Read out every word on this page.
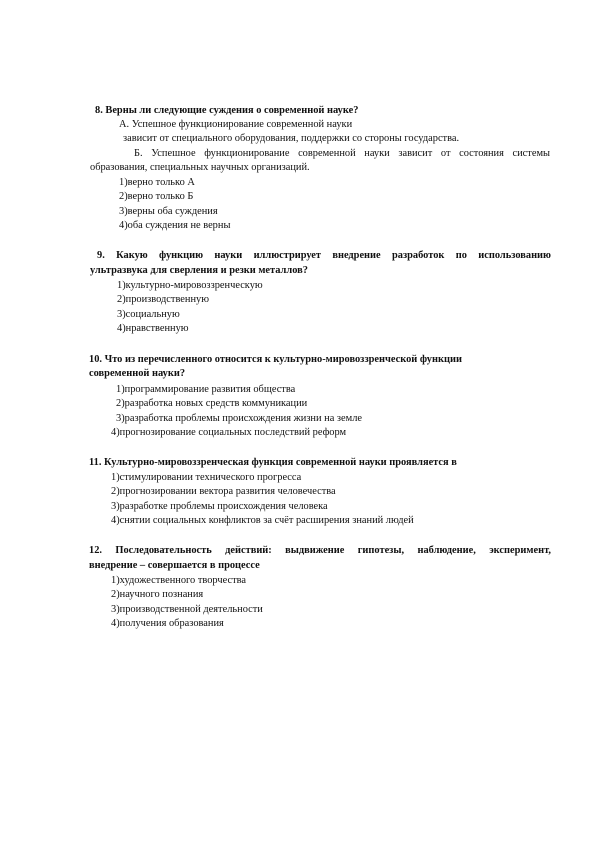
8. Верны ли следующие суждения о современной науке?
А. Успешное функционирование современной науки
зависит от специального оборудования, поддержки со стороны государства.
Б. Успешное функционирование современной науки зависит от состояния системы
образования, специальных научных организаций.
1)верно только А
2)верно только Б
3)верны оба суждения
4)оба суждения не верны
9. Какую функцию науки иллюстрирует внедрение разработок по использованию
ультразвука для сверления и резки металлов?
1)культурно-мировоззренческую
2)производственную
3)социальную
4)нравственную
10. Что из перечисленного относится к культурно-мировоззренческой функции
современной науки?
1)программирование развития общества
2)разработка новых средств коммуникации
3)разработка проблемы происхождения жизни на земле
4)прогнозирование социальных последствий реформ
11. Культурно-мировоззренческая функция современной науки проявляется в
1)стимулировании технического прогресса
2)прогнозировании вектора развития человечества
3)разработке проблемы происхождения человека
4)снятии социальных конфликтов за счёт расширения знаний людей
12. Последовательность действий: выдвижение гипотезы, наблюдение, эксперимент,
внедрение – совершается в процессе
1)художественного творчества
2)научного познания
3)производственной деятельности
4)получения образования
